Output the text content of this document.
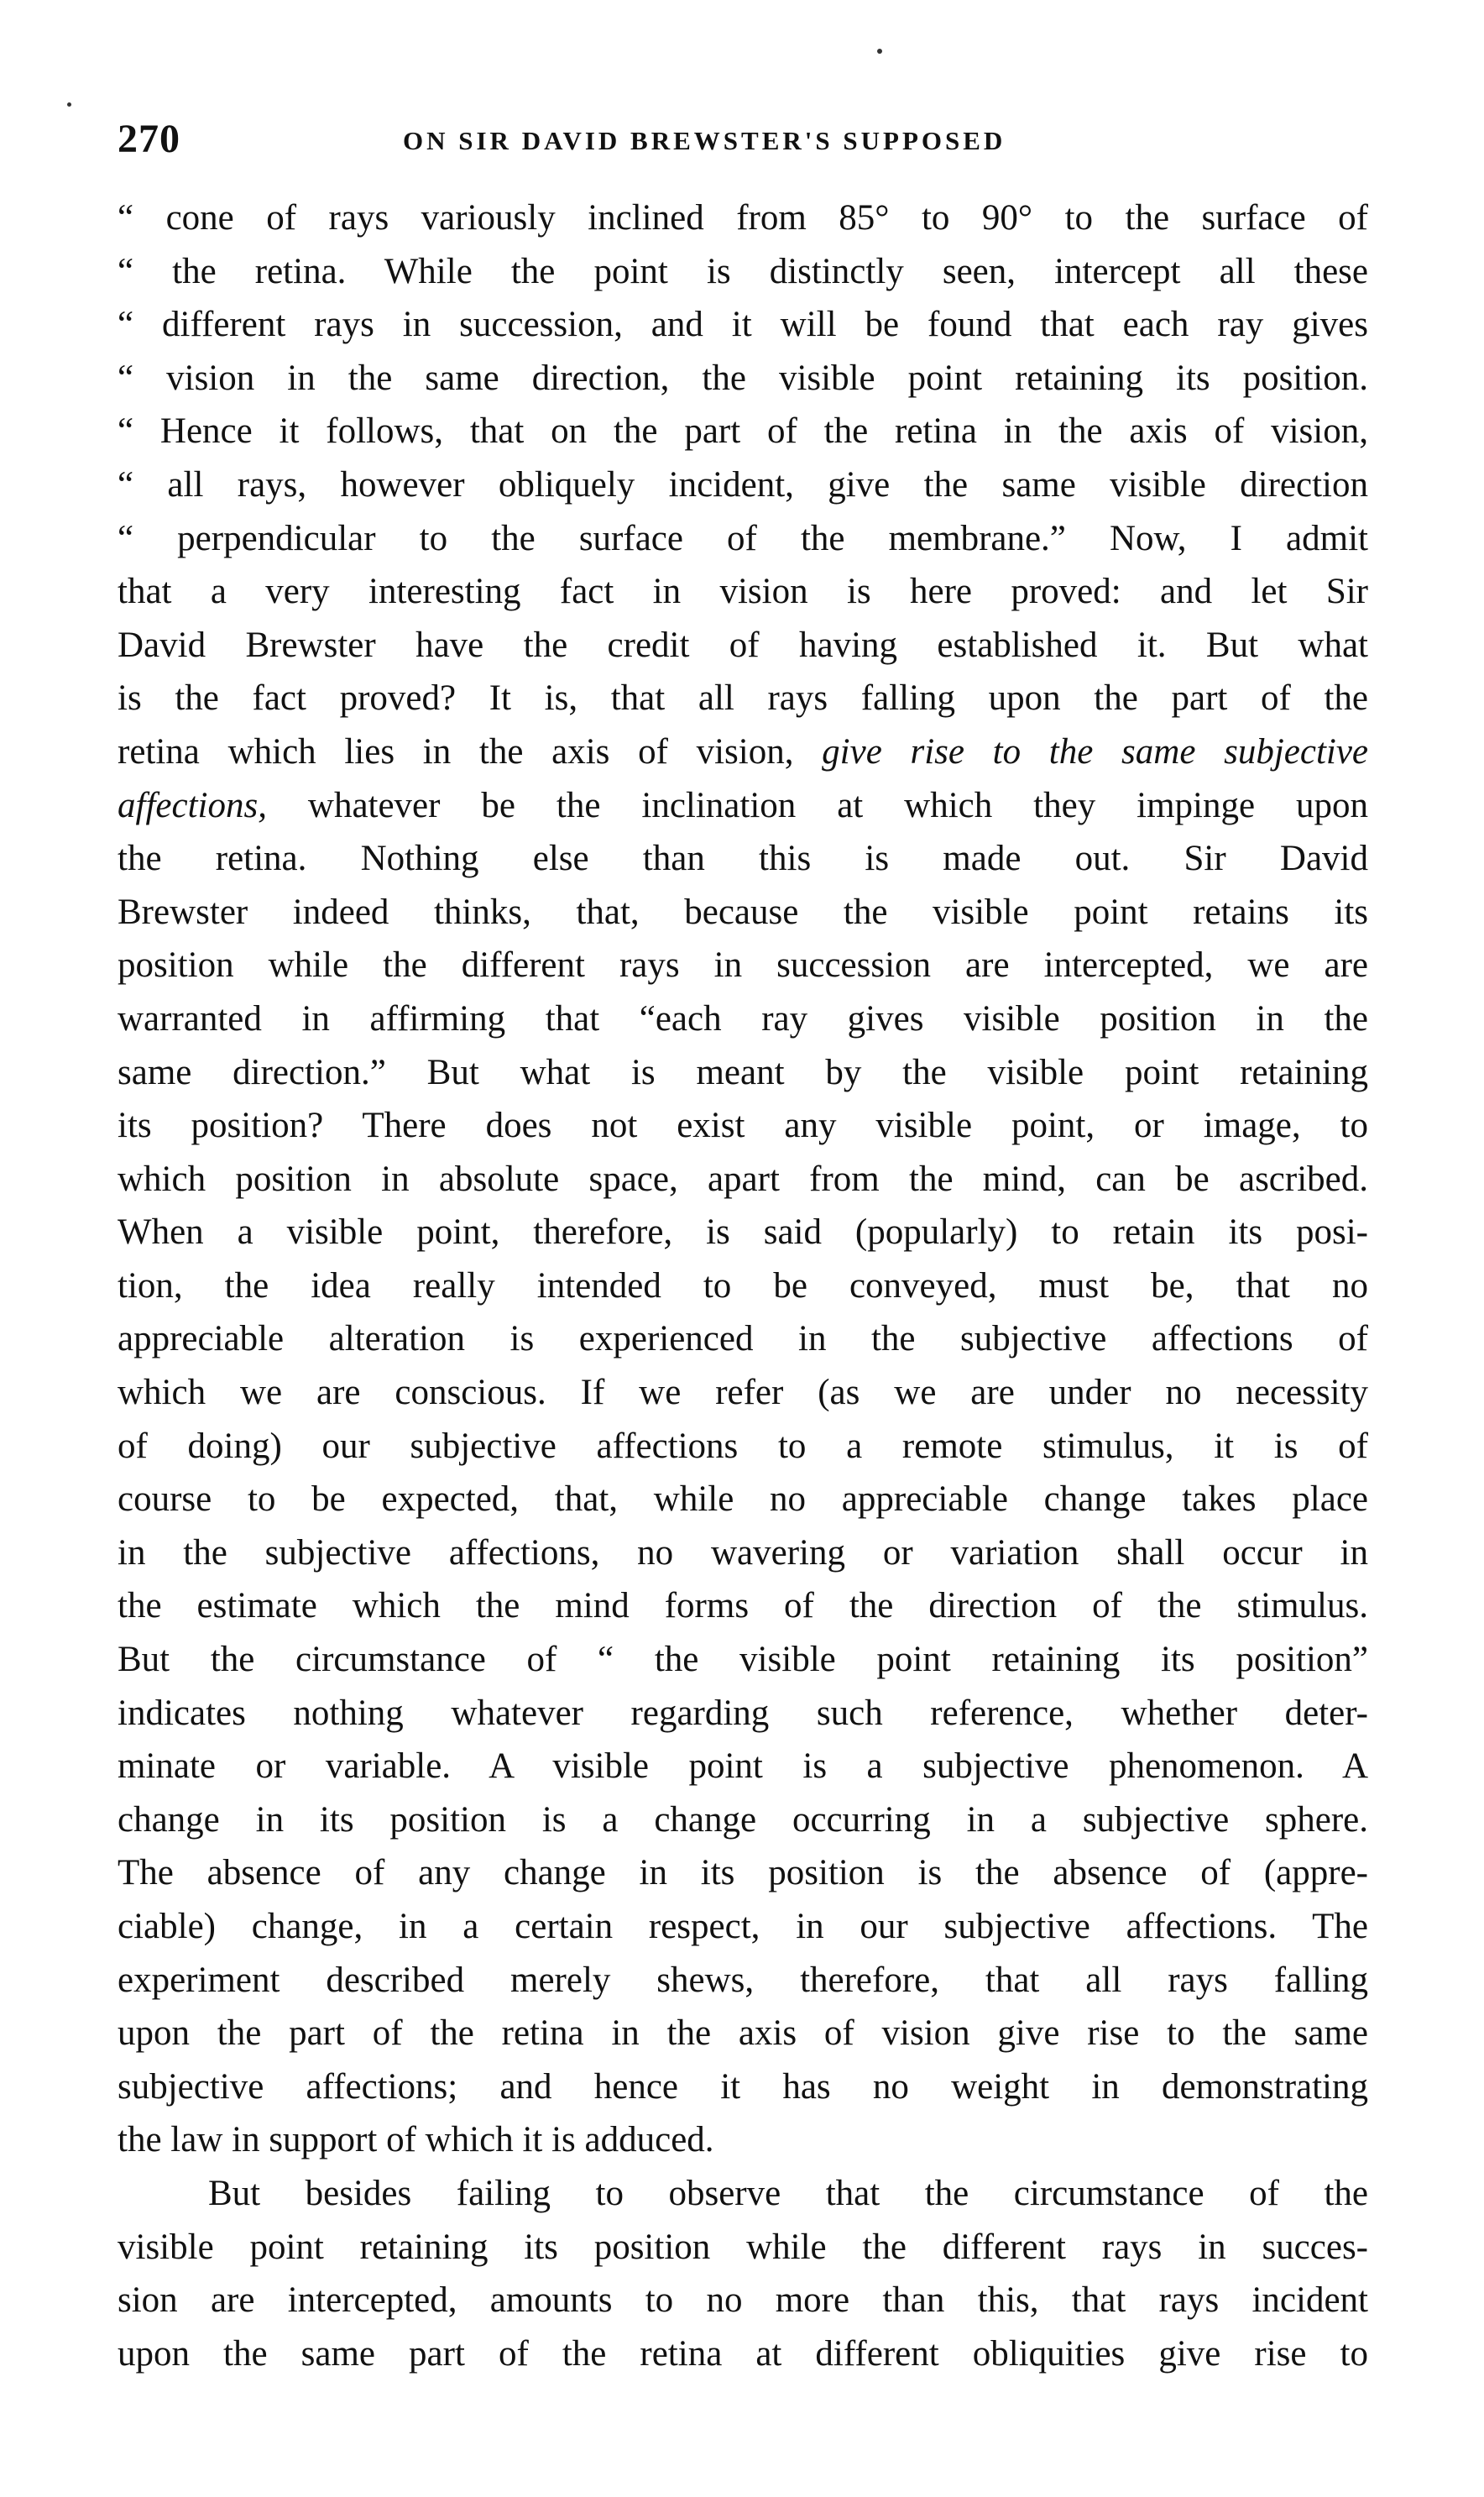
270	ON SIR DAVID BREWSTER'S SUPPOSED
“ cone of rays variously inclined from 85° to 90° to the surface of
“ the retina. While the point is distinctly seen, intercept all these
“ different rays in succession, and it will be found that each ray gives
“ vision in the same direction, the visible point retaining its position.
“ Hence it follows, that on the part of the retina in the axis of vision,
“ all rays, however obliquely incident, give the same visible direction
“ perpendicular to the surface of the membrane.” Now, I admit
that a very interesting fact in vision is here proved: and let Sir
David Brewster have the credit of having established it. But what
is the fact proved? It is, that all rays falling upon the part of the
retina which lies in the axis of vision, give rise to the same subjective
affections, whatever be the inclination at which they impinge upon
the retina. Nothing else than this is made out. Sir David
Brewster indeed thinks, that, because the visible point retains its
position while the different rays in succession are intercepted, we are
warranted in affirming that “each ray gives visible position in the
same direction.” But what is meant by the visible point retaining
its position? There does not exist any visible point, or image, to
which position in absolute space, apart from the mind, can be ascribed.
When a visible point, therefore, is said (popularly) to retain its posi-
tion, the idea really intended to be conveyed, must be, that no
appreciable alteration is experienced in the subjective affections of
which we are conscious. If we refer (as we are under no necessity
of doing) our subjective affections to a remote stimulus, it is of
course to be expected, that, while no appreciable change takes place
in the subjective affections, no wavering or variation shall occur in
the estimate which the mind forms of the direction of the stimulus.
But the circumstance of “ the visible point retaining its position”
indicates nothing whatever regarding such reference, whether deter-
minate or variable. A visible point is a subjective phenomenon. A
change in its position is a change occurring in a subjective sphere.
The absence of any change in its position is the absence of (appre-
ciable) change, in a certain respect, in our subjective affections. The
experiment described merely shews, therefore, that all rays falling
upon the part of the retina in the axis of vision give rise to the same
subjective affections; and hence it has no weight in demonstrating
the law in support of which it is adduced.
But besides failing to observe that the circumstance of the
visible point retaining its position while the different rays in succes-
sion are intercepted, amounts to no more than this, that rays incident
upon the same part of the retina at different obliquities give rise to
